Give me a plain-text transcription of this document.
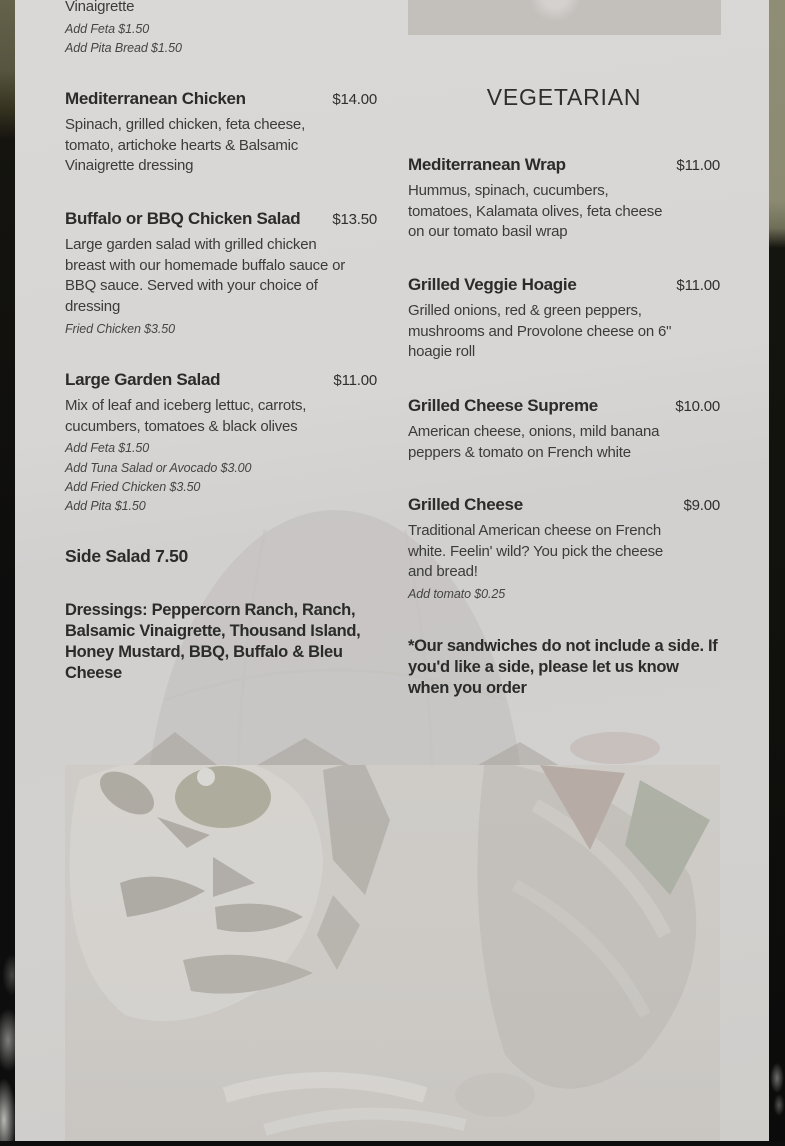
Vinaigrette
Add Feta $1.50
Add Pita Bread $1.50
Mediterranean Chicken	$14.00
Spinach, grilled chicken, feta cheese, tomato, artichoke hearts & Balsamic Vinaigrette dressing
Buffalo or BBQ Chicken Salad $13.50
Large garden salad with grilled chicken breast with our homemade buffalo sauce or BBQ sauce. Served with your choice of dressing
Fried Chicken $3.50
Large Garden Salad	$11.00
Mix of leaf and iceberg lettuc, carrots, cucumbers, tomatoes & black olives
Add Feta $1.50
Add Tuna Salad or Avocado $3.00
Add Fried Chicken $3.50
Add Pita $1.50
Side Salad 7.50
Dressings: Peppercorn Ranch, Ranch, Balsamic Vinaigrette, Thousand Island, Honey Mustard, BBQ, Buffalo & Bleu Cheese
VEGETARIAN
Mediterranean Wrap	$11.00
Hummus, spinach, cucumbers, tomatoes, Kalamata olives, feta cheese on our tomato basil wrap
Grilled Veggie Hoagie	$11.00
Grilled onions, red & green peppers, mushrooms and Provolone cheese on 6" hoagie roll
Grilled Cheese Supreme	$10.00
American cheese, onions, mild banana peppers & tomato on French white
Grilled Cheese	$9.00
Traditional American cheese on French white. Feelin' wild? You pick the cheese and bread!
Add tomato $0.25
*Our sandwiches do not include a side. If you'd like a side, please let us know when you order
